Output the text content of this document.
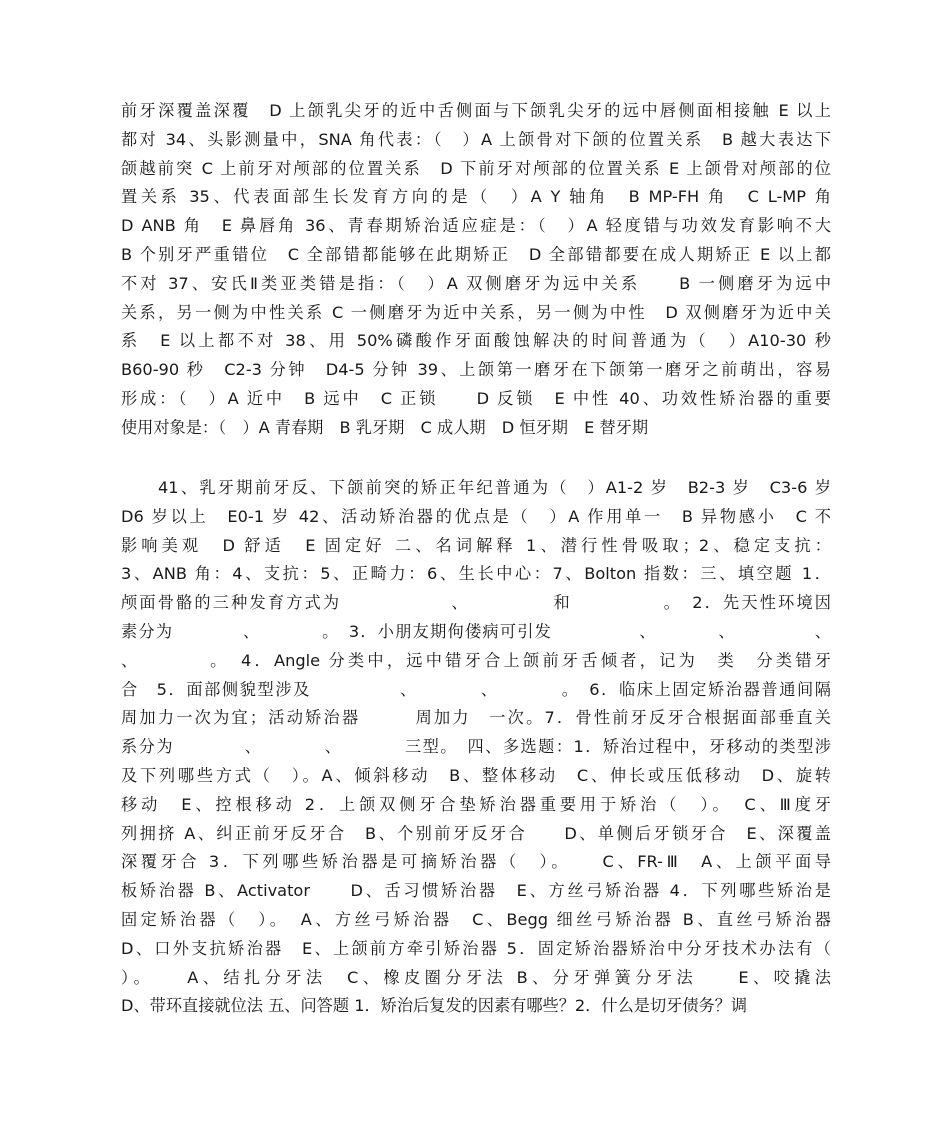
前牙深覆盖深覆　D 上颌乳尖牙的近中舌侧面与下颌乳尖牙的远中唇侧面相接触 E 以上
都对 34、头影测量中，SNA 角代表：（　）A 上颌骨对下颌的位置关系　B 越大表达下
颌越前突 C 上前牙对颅部的位置关系　D 下前牙对颅部的位置关系 E 上颌骨对颅部的位
置关系 35、代表面部生长发育方向的是（　）A Y 轴角　B MP-FH 角　C L-MP 角
D ANB 角　E 鼻唇角 36、青春期矫治适应症是：（　）A 轻度错与功效发育影响不大
B 个别牙严重错位　C 全部错都能够在此期矫正　D 全部错都要在成人期矫正 E 以上都
不对 37、安氏Ⅱ类亚类错是指：（　）A 双侧磨牙为远中关系　　B 一侧磨牙为远中
关系，另一侧为中性关系 C 一侧磨牙为近中关系，另一侧为中性　D 双侧磨牙为近中关
系　E 以上都不对 38、用 50%磷酸作牙面酸蚀解决的时间普通为（　）A10-30 秒
B60-90 秒　C2-3 分钟　D4-5 分钟 39、上颌第一磨牙在下颌第一磨牙之前萌出，容易
形成：（　）A 近中　B 远中　C 正锁　　D 反锁　E 中性 40、功效性矫治器的重要
使用对象是：（　）A 青春期　B 乳牙期　C 成人期　D 恒牙期　E 替牙期
　　41、乳牙期前牙反、下颌前突的矫正年纪普通为（　）A1-2 岁　B2-3 岁　C3-6 岁
D6 岁以上　E0-1 岁 42、活动矫治器的优点是（　）A 作用单一　B 异物感小　C 不
影响美观　D 舒适　E 固定好 二、名词解释 1、潜行性骨吸取；2、稳定支抗：
3、ANB 角：4、支抗：5、正畸力：6、生长中心：7、Bolton 指数：三、填空题 1．
颅面骨骼的三种发育方式为　　　　　　、　　　　　和　　　　　。　2．先天性环境因
素分为　　　　、　　　　。　3．小朋友期佝偻病可引发　　　　　、　　　　、　　　　　、
、　　　　。　4．Angle 分类中，远中错牙合上颌前牙舌倾者，记为　类　分类错牙
合　5．面部侧貌型涉及　　　　　、　　　　、　　　　。　6．临床上固定矫治器普通间隔
周加力一次为宜；活动矫治器　　　周加力　一次。7．骨性前牙反牙合根据面部垂直关
系分为　　　　、　　　　、　　　　三型。　四、多选题：1．矫治过程中，牙移动的类型涉
及下列哪些方式（　）。A、倾斜移动　B、整体移动　C、伸长或压低移动　D、旋转
移动　E、控根移动 2．上颌双侧牙合垫矫治器重要用于矫治（　）。　C、Ⅲ度牙
列拥挤 A、纠正前牙反牙合　B、个别前牙反牙合　　D、单侧后牙锁牙合　E、深覆盖
深覆牙合 3．下列哪些矫治器是可摘矫治器（　）。　　C、FR-Ⅲ　A、上颌平面导
板矫治器 B、Activator　　D、舌习惯矫治器　E、方丝弓矫治器 4．下列哪些矫治是
固定矫治器（　）。　A、方丝弓矫治器　C、Begg 细丝弓矫治器 B、直丝弓矫治器
D、口外支抗矫治器　E、上颌前方牵引矫治器 5．固定矫治器矫治中分牙技术办法有（
）。　　A、结扎分牙法　C、橡皮圈分牙法 B、分牙弹簧分牙法　　E、咬撬法
D、带环直接就位法 五、问答题 1．矫治后复发的因素有哪些？2．什么是切牙债务？调
